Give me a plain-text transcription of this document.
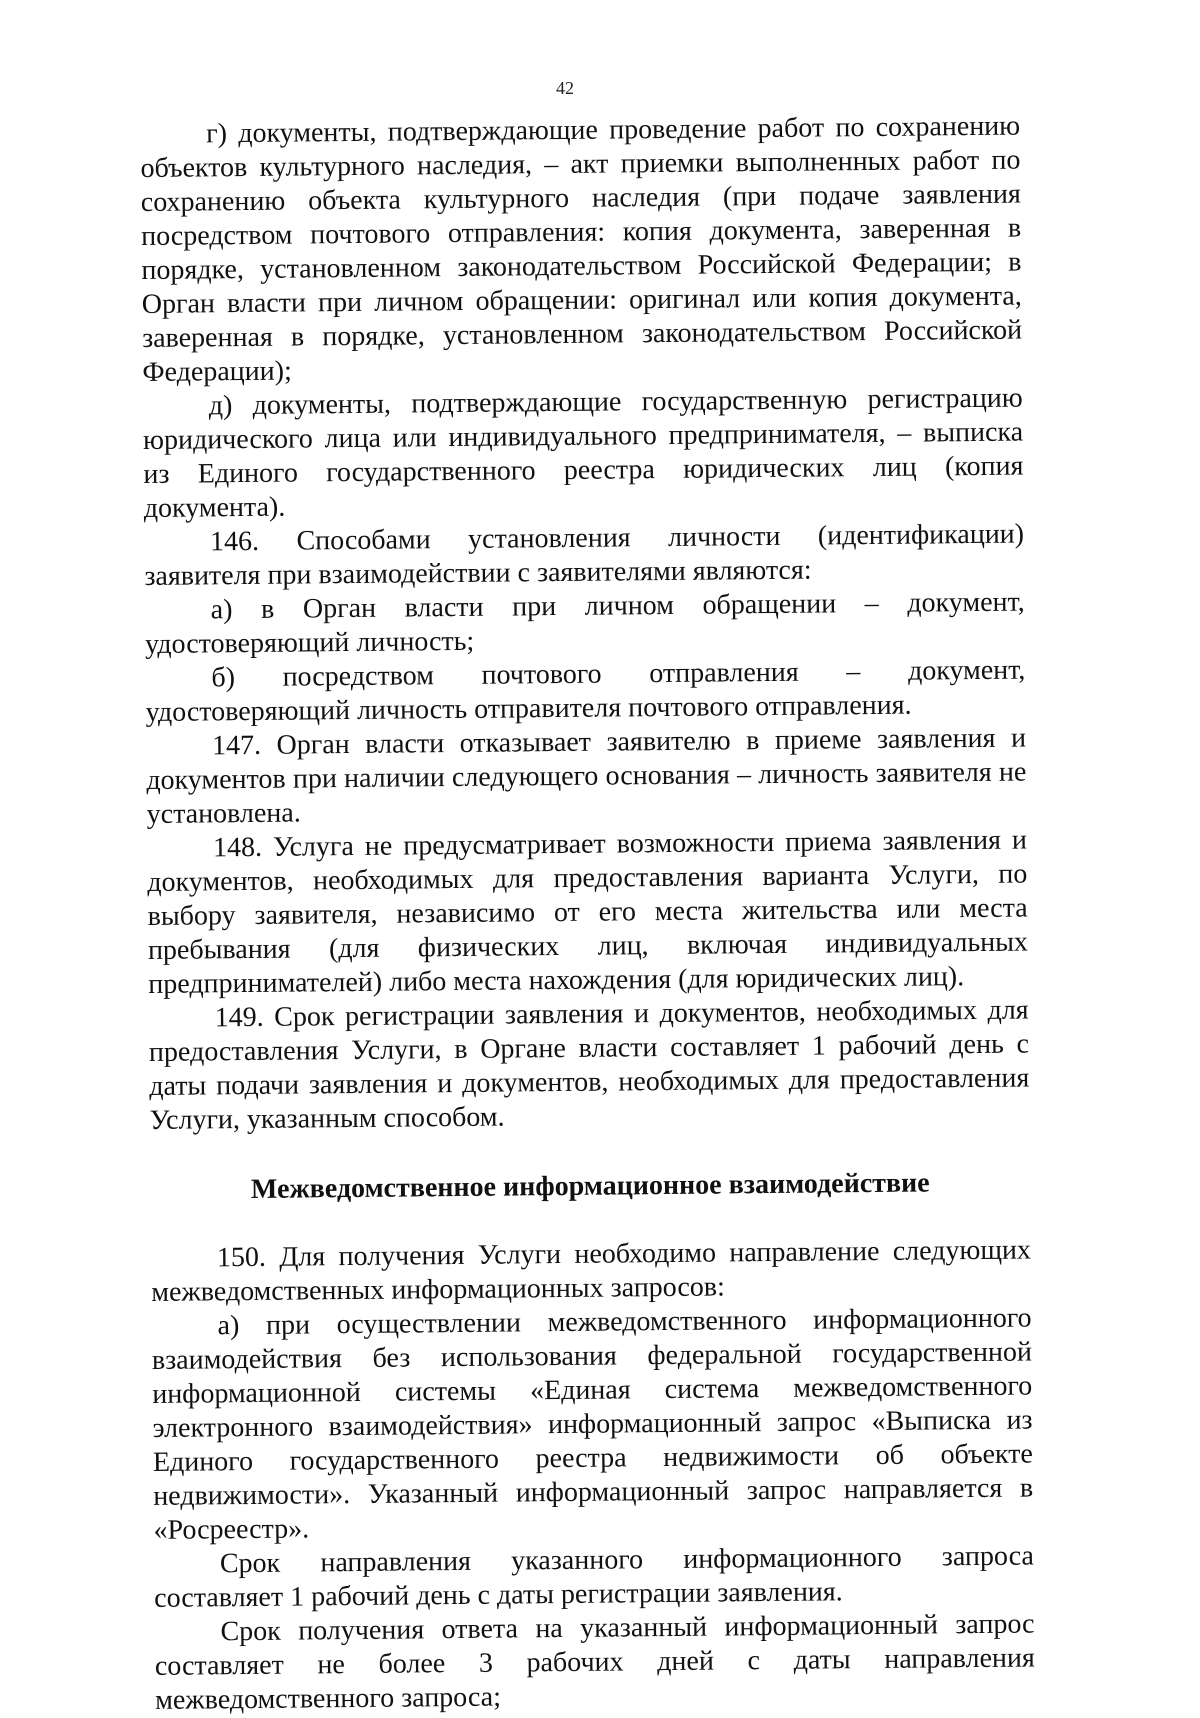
42

г) документы, подтверждающие проведение работ по сохранению объектов культурного наследия, – акт приемки выполненных работ по сохранению объекта культурного наследия (при подаче заявления посредством почтового отправления: копия документа, заверенная в порядке, установленном законодательством Российской Федерации; в Орган власти при личном обращении: оригинал или копия документа, заверенная в порядке, установленном законодательством Российской Федерации);

д) документы, подтверждающие государственную регистрацию юридического лица или индивидуального предпринимателя, – выписка из Единого государственного реестра юридических лиц (копия документа).

146. Способами установления личности (идентификации) заявителя при взаимодействии с заявителями являются:

а) в Орган власти при личном обращении – документ, удостоверяющий личность;

б) посредством почтового отправления – документ, удостоверяющий личность отправителя почтового отправления.

147. Орган власти отказывает заявителю в приеме заявления и документов при наличии следующего основания – личность заявителя не установлена.

148. Услуга не предусматривает возможности приема заявления и документов, необходимых для предоставления варианта Услуги, по выбору заявителя, независимо от его места жительства или места пребывания (для физических лиц, включая индивидуальных предпринимателей) либо места нахождения (для юридических лиц).

149. Срок регистрации заявления и документов, необходимых для предоставления Услуги, в Органе власти составляет 1 рабочий день с даты подачи заявления и документов, необходимых для предоставления Услуги, указанным способом.

Межведомственное информационное взаимодействие

150. Для получения Услуги необходимо направление следующих межведомственных информационных запросов:

а) при осуществлении межведомственного информационного взаимодействия без использования федеральной государственной информационной системы «Единая система межведомственного электронного взаимодействия» информационный запрос «Выписка из Единого государственного реестра недвижимости об объекте недвижимости». Указанный информационный запрос направляется в «Росреестр».

Срок направления указанного информационного запроса составляет 1 рабочий день с даты регистрации заявления.

Срок получения ответа на указанный информационный запрос составляет не более 3 рабочих дней с даты направления межведомственного запроса;
